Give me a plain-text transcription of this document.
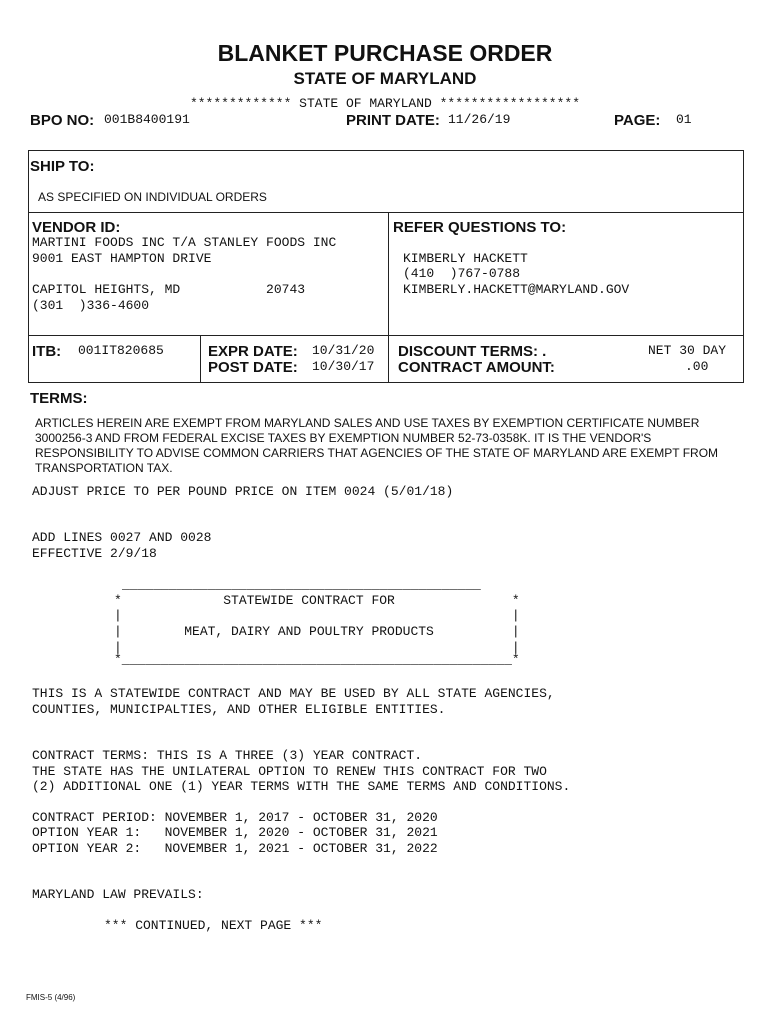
BLANKET PURCHASE ORDER
STATE OF MARYLAND
************* STATE OF MARYLAND ******************
BPO NO: 001B8400191	PRINT DATE: 11/26/19	PAGE: 01
SHIP TO:
AS SPECIFIED ON INDIVIDUAL ORDERS
VENDOR ID:
MARTINI FOODS INC T/A STANLEY FOODS INC
9001 EAST HAMPTON DRIVE
CAPITOL HEIGHTS, MD           20743
(301  )336-4600
REFER QUESTIONS TO:
KIMBERLY HACKETT
(410  )767-0788
KIMBERLY.HACKETT@MARYLAND.GOV
ITB: 001IT820685	EXPR DATE: 10/31/20
POST DATE: 10/30/17
DISCOUNT TERMS: .	NET 30 DAY
CONTRACT AMOUNT:	.00
TERMS:
ARTICLES HEREIN ARE EXEMPT FROM MARYLAND SALES AND USE TAXES BY EXEMPTION CERTIFICATE NUMBER 3000256-3 AND FROM FEDERAL EXCISE TAXES BY EXEMPTION NUMBER 52-73-0358K. IT IS THE VENDOR'S RESPONSIBILITY TO ADVISE COMMON CARRIERS THAT AGENCIES OF THE STATE OF MARYLAND ARE EXEMPT FROM TRANSPORTATION TAX.
ADJUST PRICE TO PER POUND PRICE ON ITEM 0024 (5/01/18)
ADD LINES 0027 AND 0028
EFFECTIVE 2/9/18
______________________________________________
*             STATEWIDE CONTRACT FOR               *
|                                                  |
|        MEAT, DAIRY AND POULTRY PRODUCTS          |
|                                                  |
*__________________________________________________*
THIS IS A STATEWIDE CONTRACT AND MAY BE USED BY ALL STATE AGENCIES,
COUNTIES, MUNICIPALTIES, AND OTHER ELIGIBLE ENTITIES.
CONTRACT TERMS: THIS IS A THREE (3) YEAR CONTRACT.
THE STATE HAS THE UNILATERAL OPTION TO RENEW THIS CONTRACT FOR TWO
(2) ADDITIONAL ONE (1) YEAR TERMS WITH THE SAME TERMS AND CONDITIONS.
CONTRACT PERIOD: NOVEMBER 1, 2017 - OCTOBER 31, 2020
OPTION YEAR 1:   NOVEMBER 1, 2020 - OCTOBER 31, 2021
OPTION YEAR 2:   NOVEMBER 1, 2021 - OCTOBER 31, 2022
MARYLAND LAW PREVAILS:
*** CONTINUED, NEXT PAGE ***
FMIS-5 (4/96)
